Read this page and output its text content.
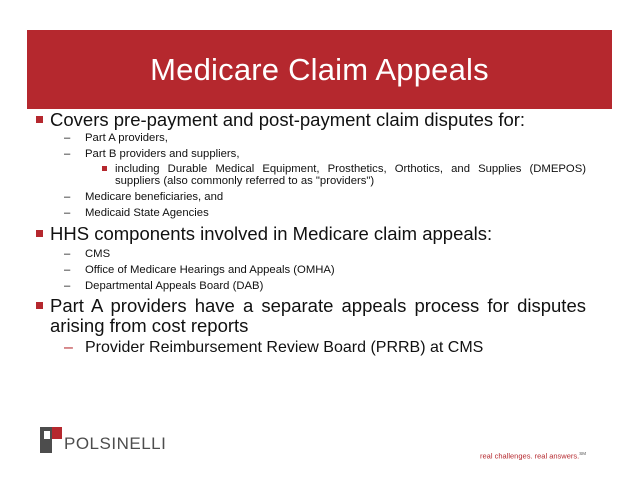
Medicare Claim Appeals
Covers pre-payment and post-payment claim disputes for:
– Part A providers,
– Part B providers and suppliers,
including Durable Medical Equipment, Prosthetics, Orthotics, and Supplies (DMEPOS) suppliers (also commonly referred to as "providers")
– Medicare beneficiaries, and
– Medicaid State Agencies
HHS components involved in Medicare claim appeals:
– CMS
– Office of Medicare Hearings and Appeals (OMHA)
– Departmental Appeals Board (DAB)
Part A providers have a separate appeals process for disputes arising from cost reports
– Provider Reimbursement Review Board (PRRB) at CMS
POLSINELLI
real challenges. real answers.℠
